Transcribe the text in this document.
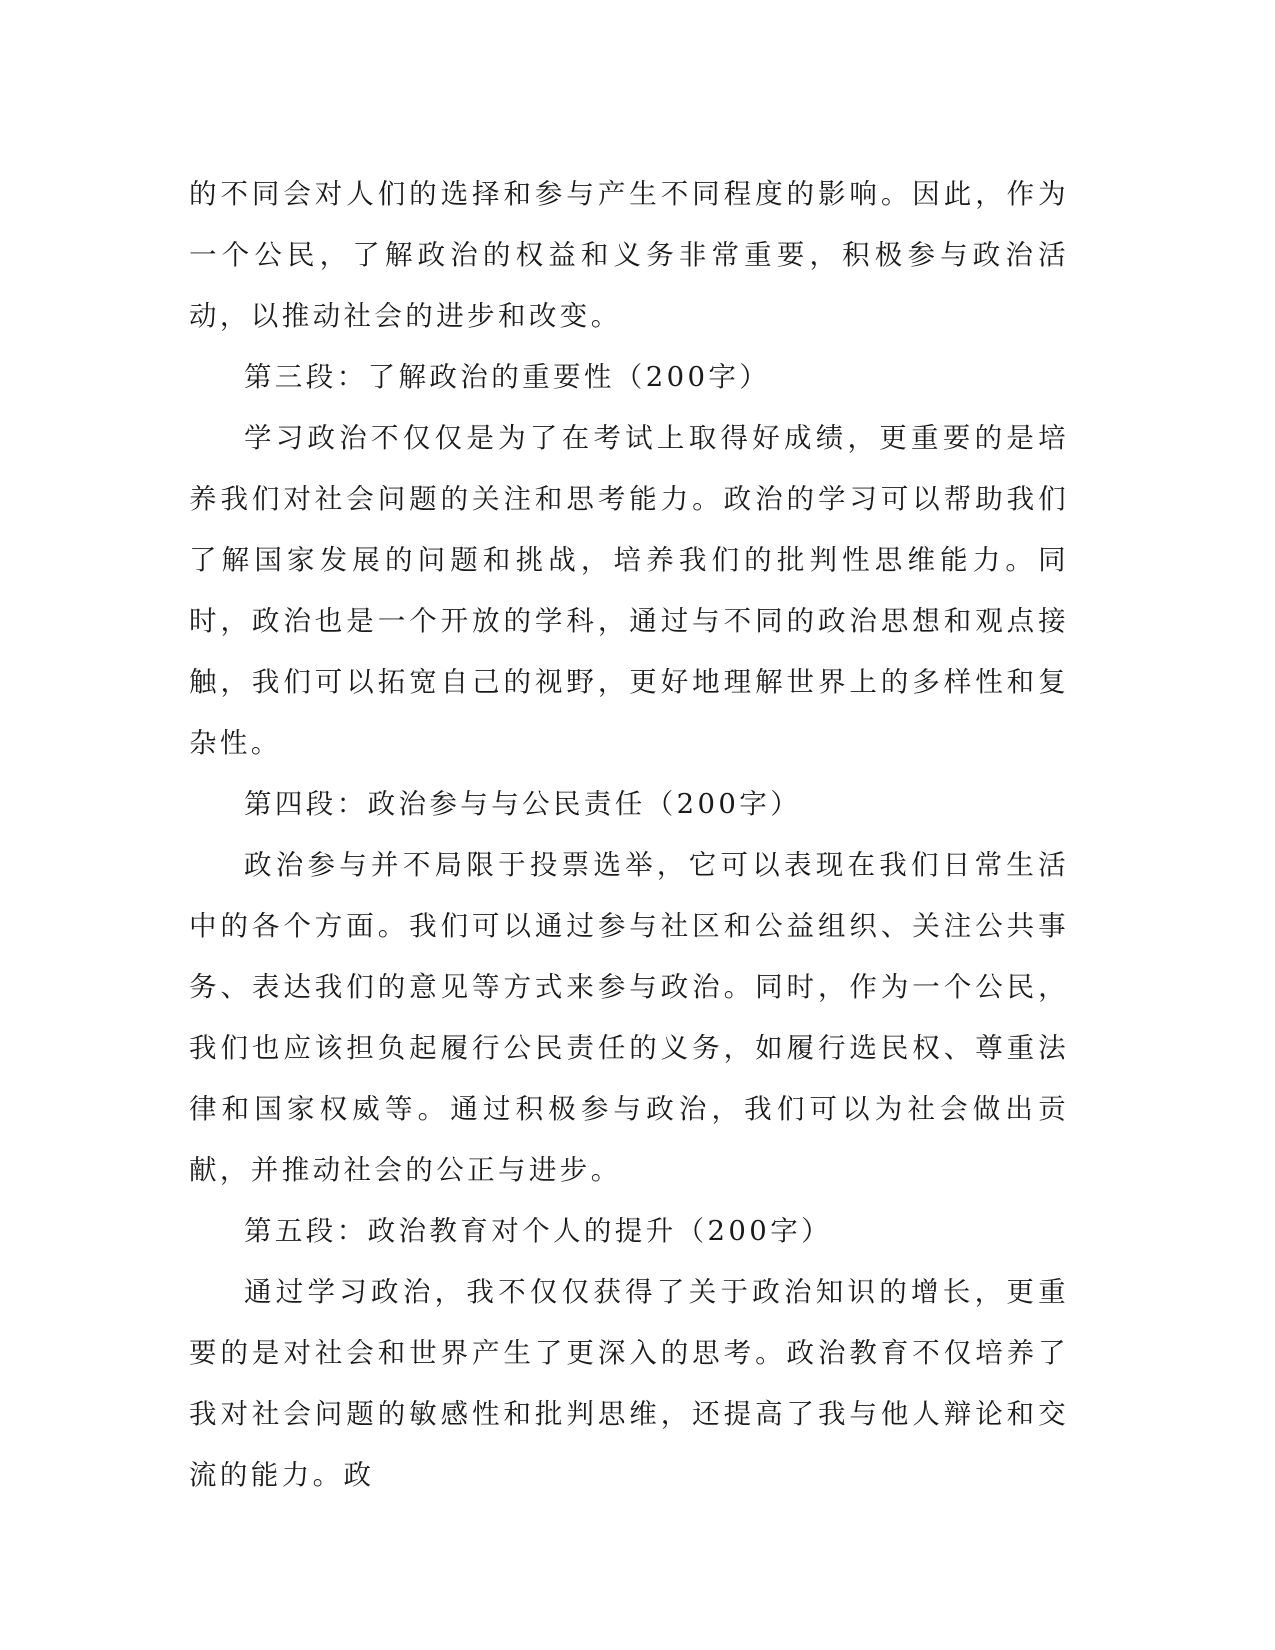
的不同会对人们的选择和参与产生不同程度的影响。因此，作为一个公民，了解政治的权益和义务非常重要，积极参与政治活动，以推动社会的进步和改变。

第三段：了解政治的重要性（200字）

学习政治不仅仅是为了在考试上取得好成绩，更重要的是培养我们对社会问题的关注和思考能力。政治的学习可以帮助我们了解国家发展的问题和挑战，培养我们的批判性思维能力。同时，政治也是一个开放的学科，通过与不同的政治思想和观点接触，我们可以拓宽自己的视野，更好地理解世界上的多样性和复杂性。

第四段：政治参与与公民责任（200字）

政治参与并不局限于投票选举，它可以表现在我们日常生活中的各个方面。我们可以通过参与社区和公益组织、关注公共事务、表达我们的意见等方式来参与政治。同时，作为一个公民，我们也应该担负起履行公民责任的义务，如履行选民权、尊重法律和国家权威等。通过积极参与政治，我们可以为社会做出贡献，并推动社会的公正与进步。

第五段：政治教育对个人的提升（200字）

通过学习政治，我不仅仅获得了关于政治知识的增长，更重要的是对社会和世界产生了更深入的思考。政治教育不仅培养了我对社会问题的敏感性和批判思维，还提高了我与他人辩论和交流的能力。政
